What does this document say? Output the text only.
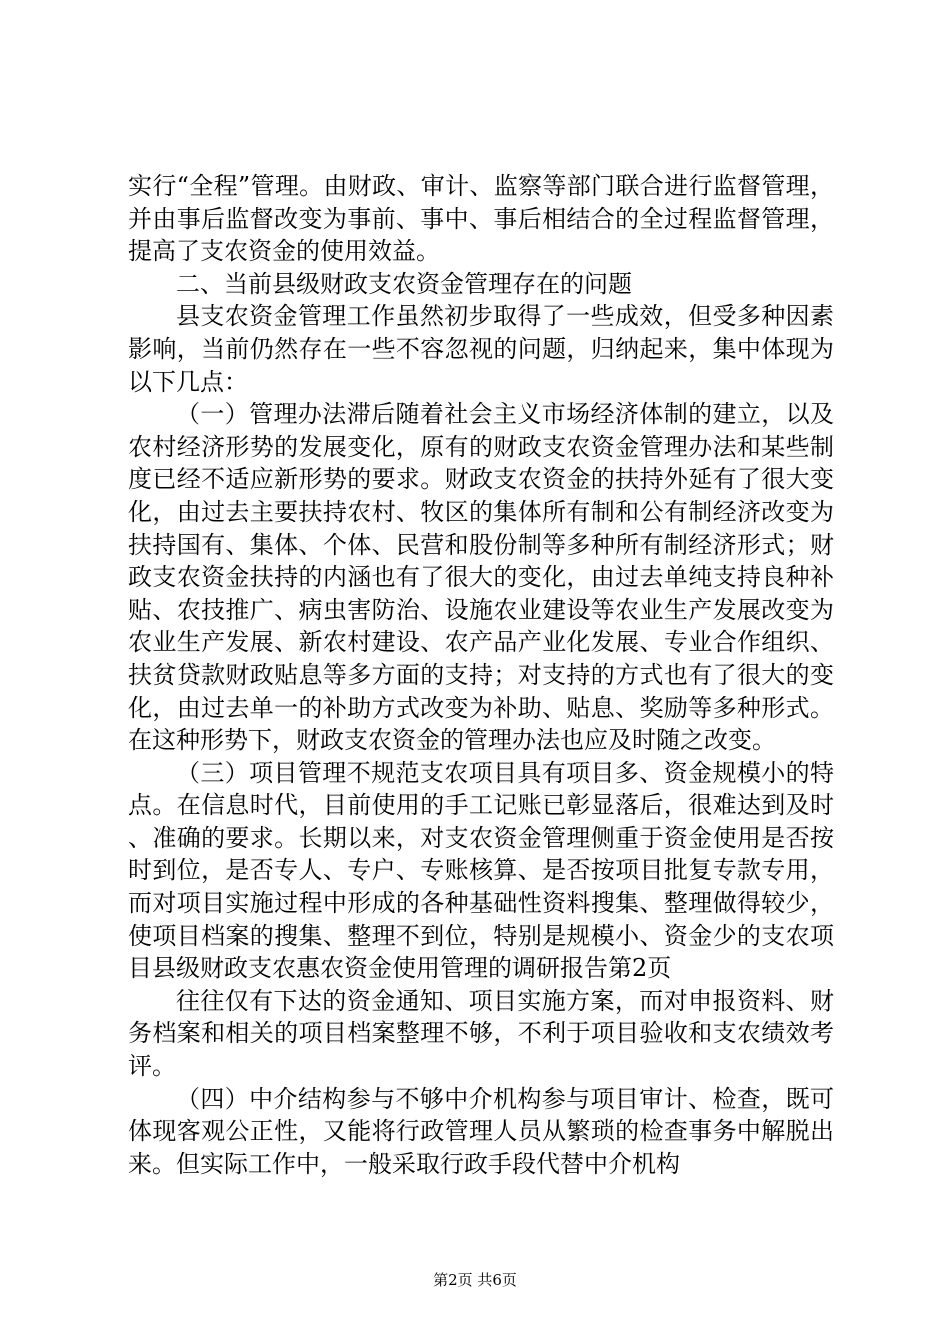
实行“全程”管理。由财政、审计、监察等部门联合进行监督管理，并由事后监督改变为事前、事中、事后相结合的全过程监督管理，提高了支农资金的使用效益。

二、当前县级财政支农资金管理存在的问题

县支农资金管理工作虽然初步取得了一些成效，但受多种因素影响，当前仍然存在一些不容忽视的问题，归纳起来，集中体现为以下几点：

（一）管理办法滞后随着社会主义市场经济体制的建立，以及农村经济形势的发展变化，原有的财政支农资金管理办法和某些制度已经不适应新形势的要求。财政支农资金的扶持外延有了很大变化，由过去主要扶持农村、牧区的集体所有制和公有制经济改变为扶持国有、集体、个体、民营和股份制等多种所有制经济形式；财政支农资金扶持的内涵也有了很大的变化，由过去单纯支持良种补贴、农技推广、病虫害防治、设施农业建设等农业生产发展改变为农业生产发展、新农村建设、农产品产业化发展、专业合作组织、扶贫贷款财政贴息等多方面的支持；对支持的方式也有了很大的变化，由过去单一的补助方式改变为补助、贴息、奖励等多种形式。在这种形势下，财政支农资金的管理办法也应及时随之改变。

（三）项目管理不规范支农项目具有项目多、资金规模小的特点。在信息时代，目前使用的手工记账已彰显落后，很难达到及时、准确的要求。长期以来，对支农资金管理侧重于资金使用是否按时到位，是否专人、专户、专账核算、是否按项目批复专款专用，而对项目实施过程中形成的各种基础性资料搜集、整理做得较少，使项目档案的搜集、整理不到位，特别是规模小、资金少的支农项目县级财政支农惠农资金使用管理的调研报告第2页

往往仅有下达的资金通知、项目实施方案，而对申报资料、财务档案和相关的项目档案整理不够，不利于项目验收和支农绩效考评。

（四）中介结构参与不够中介机构参与项目审计、检查，既可体现客观公正性，又能将行政管理人员从繁琐的检查事务中解脱出来。但实际工作中，一般采取行政手段代替中介机构

第2页 共6页
